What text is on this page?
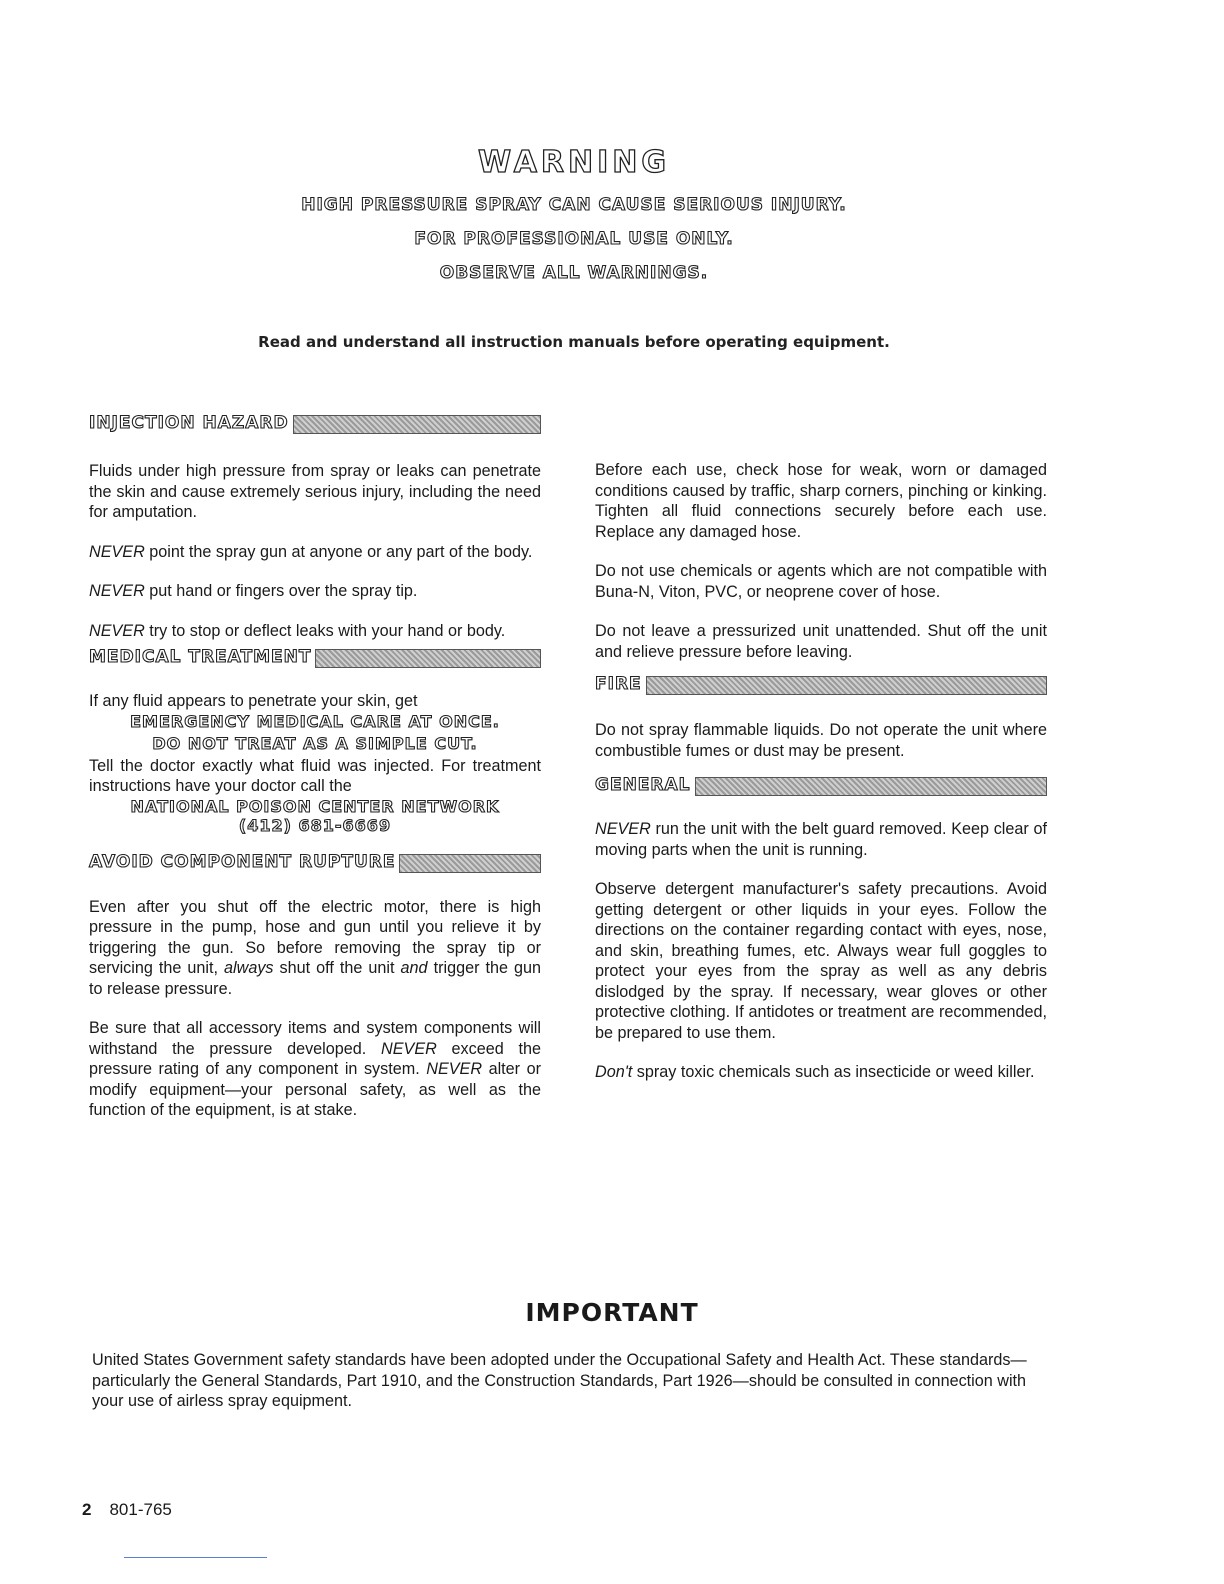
WARNING
HIGH PRESSURE SPRAY CAN CAUSE SERIOUS INJURY.
FOR PROFESSIONAL USE ONLY.
OBSERVE ALL WARNINGS.
Read and understand all instruction manuals before operating equipment.
INJECTION HAZARD

Fluids under high pressure from spray or leaks can penetrate the skin and cause extremely serious injury, including the need for amputation.

NEVER point the spray gun at anyone or any part of the body.

NEVER put hand or fingers over the spray tip.

NEVER try to stop or deflect leaks with your hand or body.

MEDICAL TREATMENT

If any fluid appears to penetrate your skin, get

EMERGENCY MEDICAL CARE AT ONCE.
DO NOT TREAT AS A SIMPLE CUT.

Tell the doctor exactly what fluid was injected. For treatment instructions have your doctor call the

NATIONAL POISON CENTER NETWORK
(412) 681-6669
AVOID COMPONENT RUPTURE

Even after you shut off the electric motor, there is high pressure in the pump, hose and gun until you relieve it by triggering the gun. So before removing the spray tip or servicing the unit, always shut off the unit and trigger the gun to release pressure.

Be sure that all accessory items and system components will withstand the pressure developed. NEVER exceed the pressure rating of any component in system. NEVER alter or modify equipment—your personal safety, as well as the function of the equipment, is at stake.

Before each use, check hose for weak, worn or damaged conditions caused by traffic, sharp corners, pinching or kinking. Tighten all fluid connections securely before each use. Replace any damaged hose.

Do not use chemicals or agents which are not compatible with Buna-N, Viton, PVC, or neoprene cover of hose.

Do not leave a pressurized unit unattended. Shut off the unit and relieve pressure before leaving.

FIRE

Do not spray flammable liquids. Do not operate the unit where combustible fumes or dust may be present.

GENERAL

NEVER run the unit with the belt guard removed. Keep clear of moving parts when the unit is running.

Observe detergent manufacturer's safety precautions. Avoid getting detergent or other liquids in your eyes. Follow the directions on the container regarding contact with eyes, nose, and skin, breathing fumes, etc. Always wear full goggles to protect your eyes from the spray as well as any debris dislodged by the spray. If necessary, wear gloves or other protective clothing. If antidotes or treatment are recommended, be prepared to use them.

Don't spray toxic chemicals such as insecticide or weed killer.

IMPORTANT
United States Government safety standards have been adopted under the Occupational Safety and Health Act. These standards—particularly the General Standards, Part 1910, and the Construction Standards, Part 1926—should be consulted in connection with your use of airless spray equipment.
2 801-765
